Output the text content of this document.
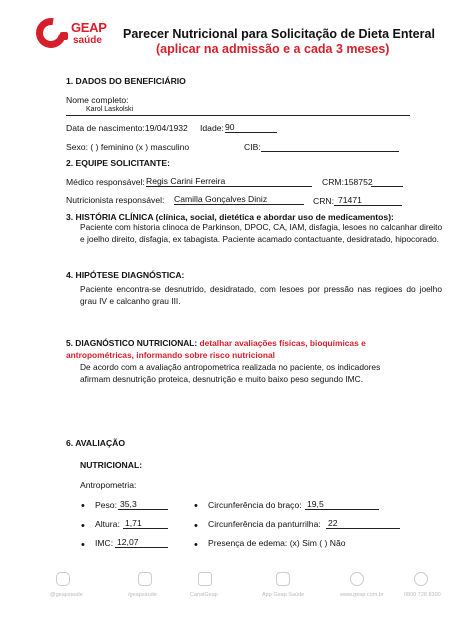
GEAP
saúde Parecer Nutricional para Solicitação de Dieta Enteral
(aplicar na admissão e a cada 3 meses)
1. DADOS DO BENEFICIÁRIO
Nome completo:
Karol Laskolski
Data de nascimento:19/04/1932 Idade: 90
Sexo: ( ) feminino (x ) masculino	CIB:
2. EQUIPE SOLICITANTE:
Médico responsável: Regis Carini Ferreira	CRM:158752
Nutricionista responsável: Camilla Gonçalves Diniz	CRN: 71471
3. HISTÓRIA CLÍNICA (clínica, social, dietética e abordar uso de medicamentos):
Paciente com historia clinoca de Parkinson, DPOC, CA, IAM, disfagia, lesoes no calcanhar direito e joelho direito, disfagia, ex tabagista. Paciente acamado contactuante, desidratado, hipocorado.
4. HIPÓTESE DIAGNÓSTICA:
Paciente encontra-se desnutrido, desidratado, com lesoes por pressão nas regioes do joelho grau IV e calcanho grau III.
5. DIAGNÓSTICO NUTRICIONAL: detalhar avaliações físicas, bioquímicas e antropométricas, informando sobre risco nutricional
De acordo com a avaliação antropometrica realizada no paciente, os indicadores afirmam desnutrição proteica, desnutrição e muito baixo peso segundo IMC.
6. AVALIAÇÃO
NUTRICIONAL:
Antropometria:
• Peso: 35,3	• Circunferência do braço: 19,5
• Altura: 1,71	• Circunferência da panturrilha: 22
• IMC: 12,07	• Presença de edema: (x) Sim ( ) Não
@geapsaude	/geapsaude	CanalGeap	App Geap Saúde	www.geap.com.br	0800 728 8300
